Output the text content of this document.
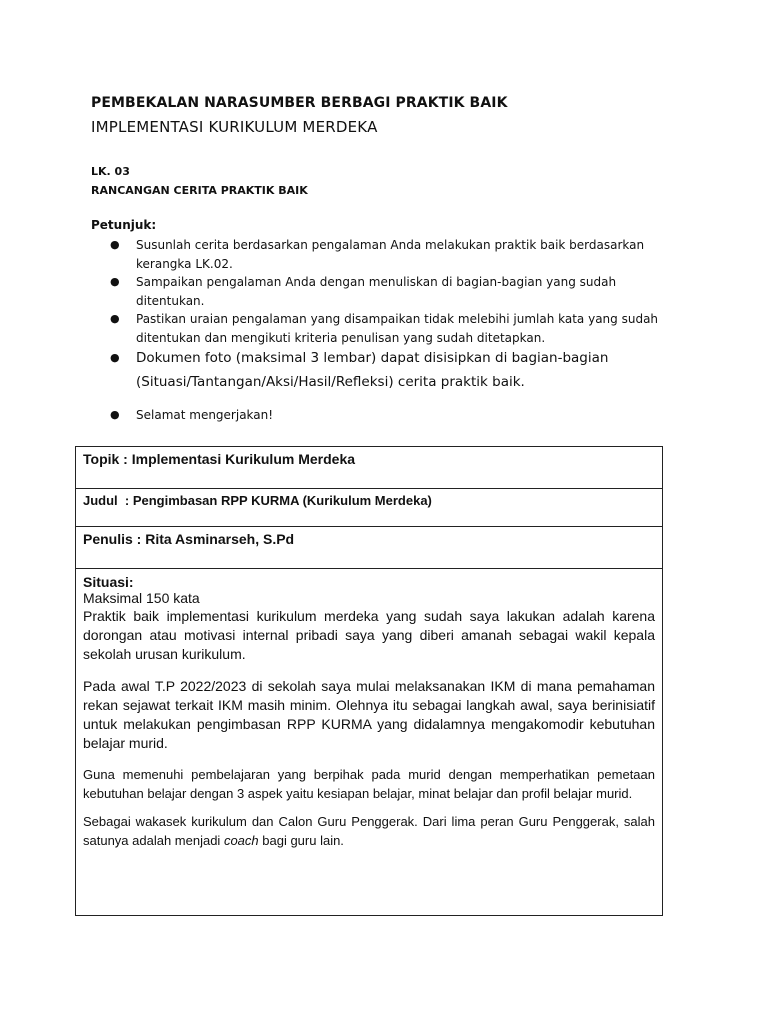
PEMBEKALAN NARASUMBER BERBAGI PRAKTIK BAIK
IMPLEMENTASI KURIKULUM MERDEKA
LK. 03
RANCANGAN CERITA PRAKTIK BAIK
Petunjuk:
● Susunlah cerita berdasarkan pengalaman Anda melakukan praktik baik berdasarkan kerangka LK.02.
● Sampaikan pengalaman Anda dengan menuliskan di bagian-bagian yang sudah ditentukan.
● Pastikan uraian pengalaman yang disampaikan tidak melebihi jumlah kata yang sudah ditentukan dan mengikuti kriteria penulisan yang sudah ditetapkan.
● Dokumen foto (maksimal 3 lembar) dapat disisipkan di bagian-bagian (Situasi/Tantangan/Aksi/Hasil/Refleksi) cerita praktik baik.
● Selamat mengerjakan!
Topik : Implementasi Kurikulum Merdeka
Judul  : Pengimbasan RPP KURMA (Kurikulum Merdeka)
Penulis : Rita Asminarseh, S.Pd
Situasi:
Maksimal 150 kata

Praktik baik implementasi kurikulum merdeka yang sudah saya lakukan adalah karena dorongan atau motivasi internal pribadi saya yang diberi amanah sebagai wakil kepala sekolah urusan kurikulum.

Pada awal T.P 2022/2023 di sekolah saya mulai melaksanakan IKM di mana pemahaman rekan sejawat terkait IKM masih minim. Olehnya itu sebagai langkah awal, saya berinisiatif untuk melakukan pengimbasan RPP KURMA yang didalamnya mengakomodir kebutuhan belajar murid.

Guna memenuhi pembelajaran yang berpihak pada murid dengan memperhatikan pemetaan kebutuhan belajar dengan 3 aspek yaitu kesiapan belajar, minat belajar dan profil belajar murid.

Sebagai wakasek kurikulum dan Calon Guru Penggerak. Dari lima peran Guru Penggerak, salah satunya adalah menjadi coach bagi guru lain.
